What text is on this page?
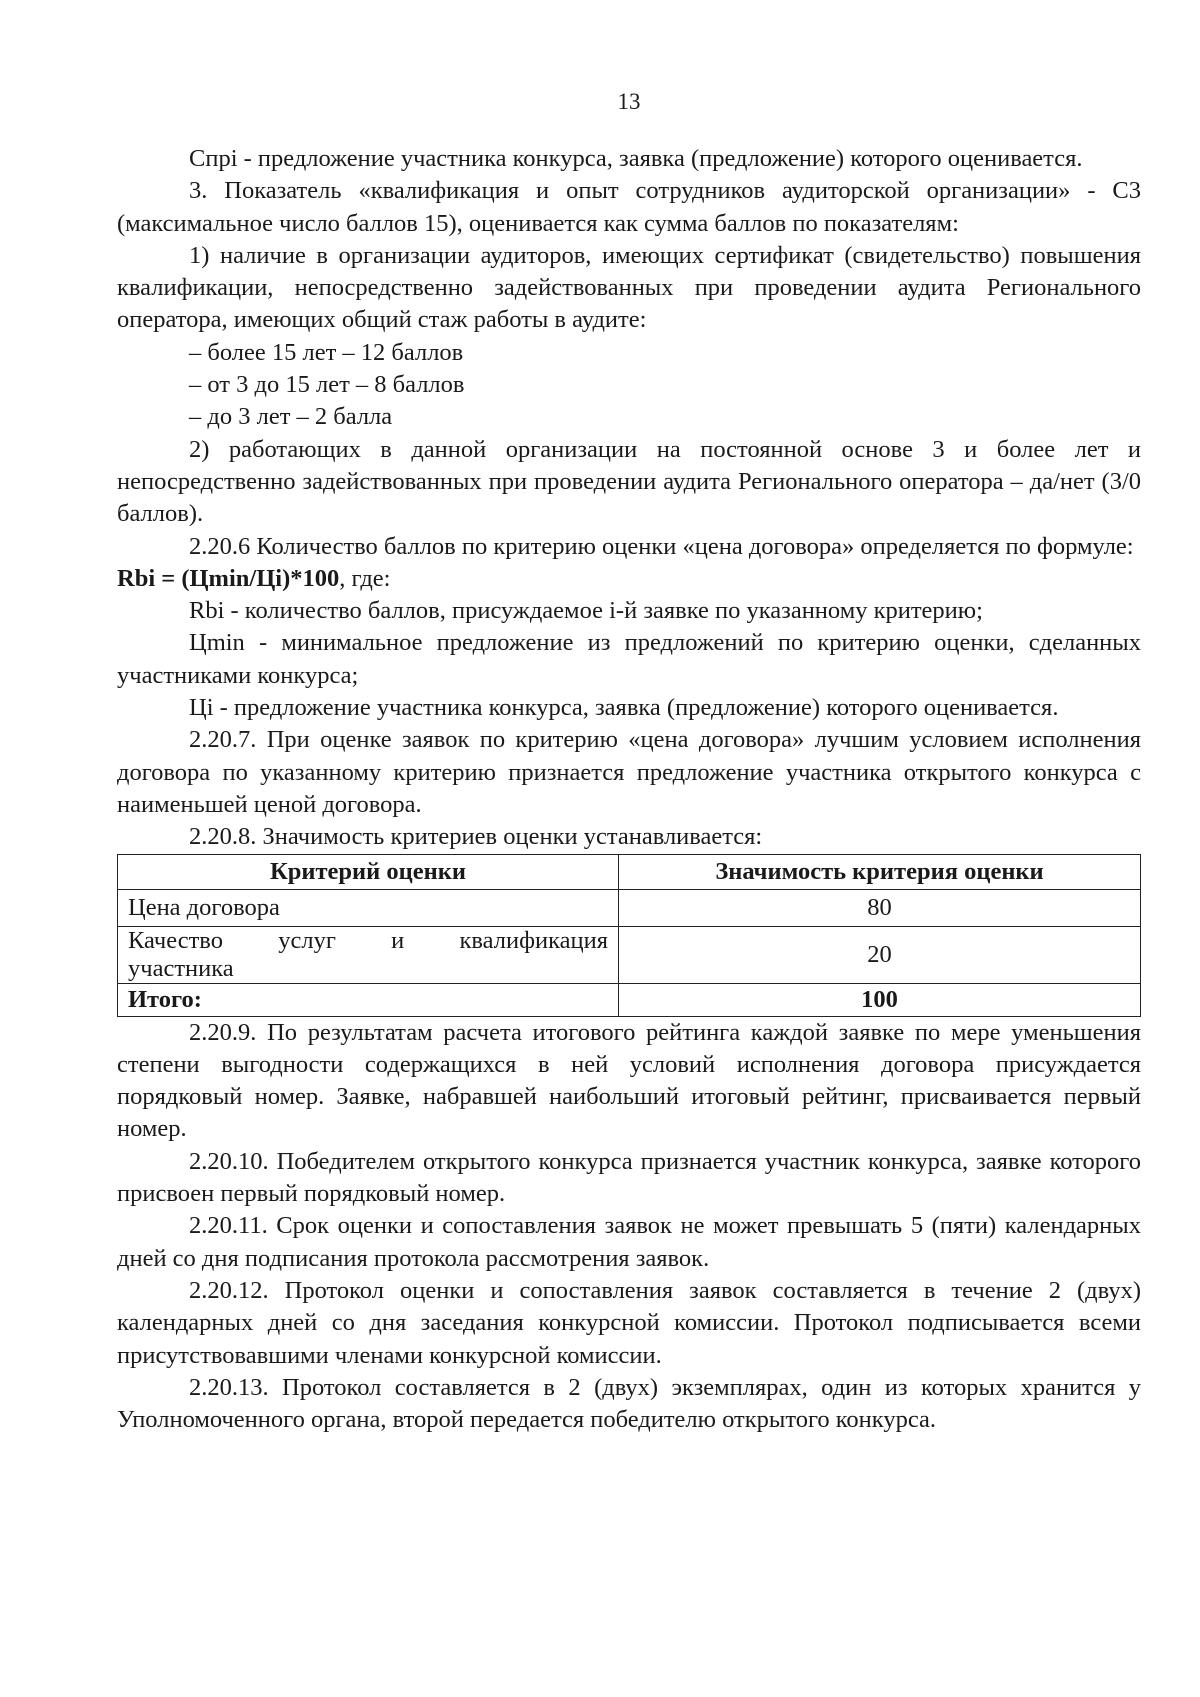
13

Cпрі - предложение участника конкурса, заявка (предложение) которого оценивается.

3. Показатель «квалификация и опыт сотрудников аудиторской организации» - С3 (максимальное число баллов 15), оценивается как сумма баллов по показателям:

1) наличие в организации аудиторов, имеющих сертификат (свидетельство) повышения квалификации, непосредственно задействованных при проведении аудита Регионального оператора, имеющих общий стаж работы в аудите:

– более 15 лет – 12 баллов

– от 3 до 15 лет – 8 баллов

– до 3 лет – 2 балла

2) работающих в данной организации на постоянной основе 3 и более лет и непосредственно задействованных при проведении аудита Регионального оператора – да/нет (3/0 баллов).

2.20.6 Количество баллов по критерию оценки «цена договора» определяется по формуле:

Rbi = (Цmin/Цi)*100, где:

Rbi - количество баллов, присуждаемое i-й заявке по указанному критерию;

Цmin - минимальное предложение из предложений по критерию оценки, сделанных участниками конкурса;

Цi - предложение участника конкурса, заявка (предложение) которого оценивается.

2.20.7. При оценке заявок по критерию «цена договора» лучшим условием исполнения договора по указанному критерию признается предложение участника открытого конкурса с наименьшей ценой договора.

2.20.8. Значимость критериев оценки устанавливается:

Критерий оценки	Значимость критерия оценки
Цена договора	80

Качество услуг и квалификация
участника	20
Итого:	100

2.20.9. По результатам расчета итогового рейтинга каждой заявке по мере уменьшения степени выгодности содержащихся в ней условий исполнения договора присуждается порядковый номер. Заявке, набравшей наибольший итоговый рейтинг, присваивается первый номер.

2.20.10. Победителем открытого конкурса признается участник конкурса, заявке которого присвоен первый порядковый номер.

2.20.11. Срок оценки и сопоставления заявок не может превышать 5 (пяти) календарных дней со дня подписания протокола рассмотрения заявок.

2.20.12. Протокол оценки и сопоставления заявок составляется в течение 2 (двух) календарных дней со дня заседания конкурсной комиссии. Протокол подписывается всеми присутствовавшими членами конкурсной комиссии.

2.20.13. Протокол составляется в 2 (двух) экземплярах, один из которых хранится у Уполномоченного органа, второй передается победителю открытого конкурса.
